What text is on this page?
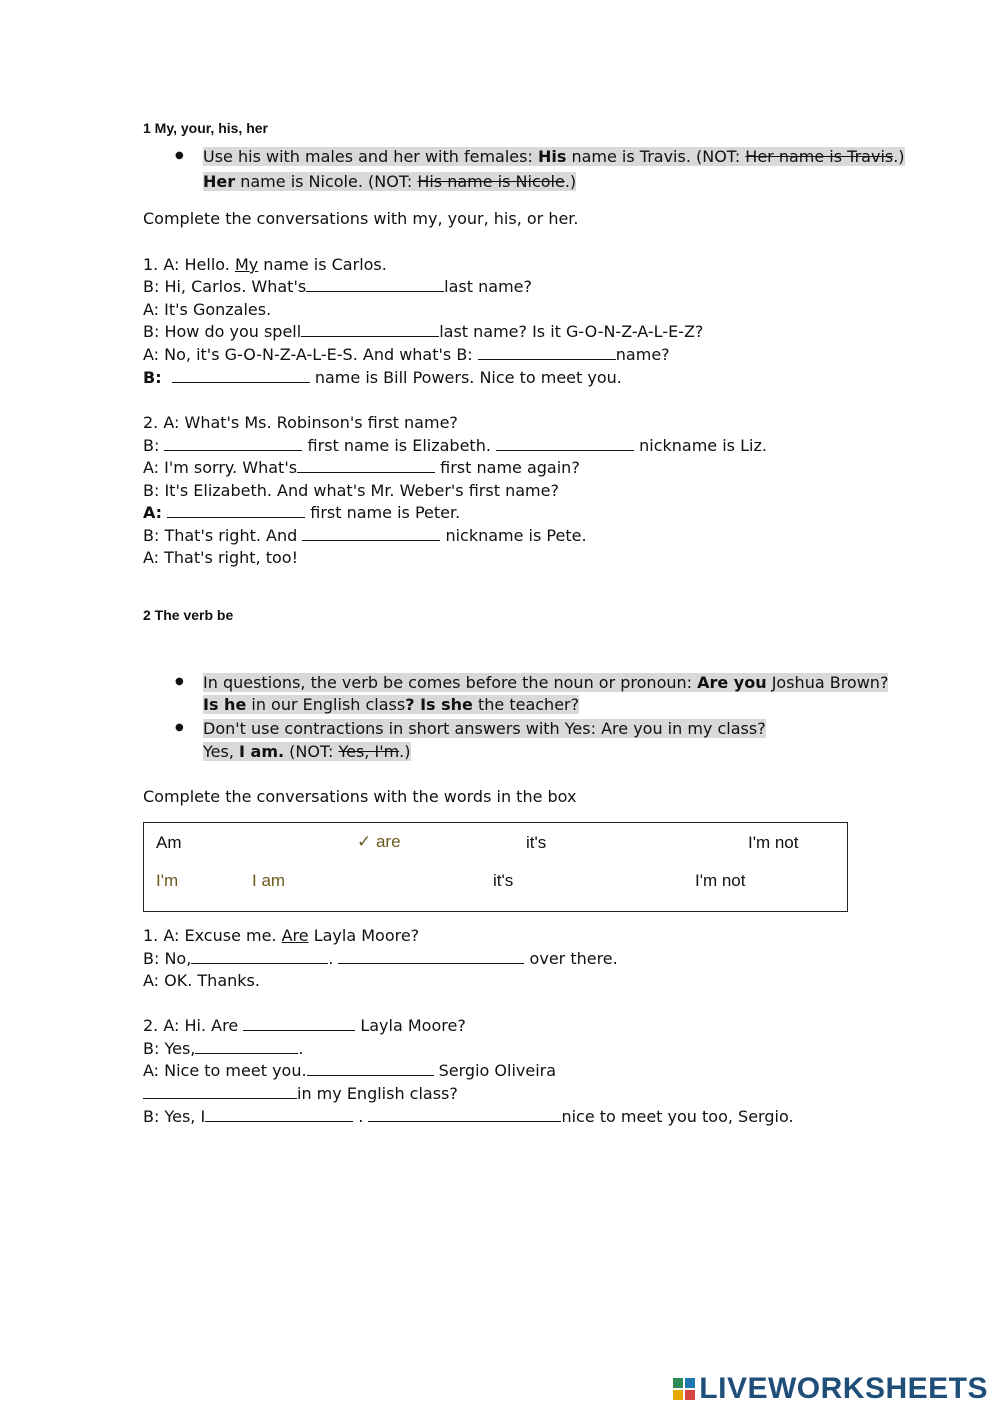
1 My, your, his, her
● Use his with males and her with females: His name is Travis. (NOT: Her name is Travis.)
Her name is Nicole. (NOT: His name is Nicole.)
Complete the conversations with my, your, his, or her.
1. A: Hello. My name is Carlos.
B: Hi, Carlos. What's	last name?
A: It's Gonzales.
B: How do you spell	last name? Is it G-O-N-Z-A-L-E-Z?
A: No, it's G-O-N-Z-A-L-E-S. And what's B:	name?
B:	name is Bill Powers. Nice to meet you.
2. A: What's Ms. Robinson's first name?
B:	first name is Elizabeth.	nickname is Liz.
A: I'm sorry. What's	first name again?
B: It's Elizabeth. And what's Mr. Weber's first name?
A:	first name is Peter.
B: That's right. And	nickname is Pete.
A: That's right, too!
2 The verb be
● In questions, the verb be comes before the noun or pronoun: Are you Joshua Brown?
Is he in our English class? Is she the teacher?
● Don't use contractions in short answers with Yes: Are you in my class?
Yes, I am. (NOT: Yes, I'm.)
Complete the conversations with the words in the box
Am	✓ are	it's	I'm not
I'm	I am	it's	I'm not
1. A: Excuse me. Are Layla Moore?
B: No,	.	over there.
A: OK. Thanks.
2. A: Hi. Are	Layla Moore?
B: Yes,	.
A: Nice to meet you.	Sergio Oliveira
in my English class?
B: Yes, I	.	nice to meet you too, Sergio.
LIVEWORKSHEETS
